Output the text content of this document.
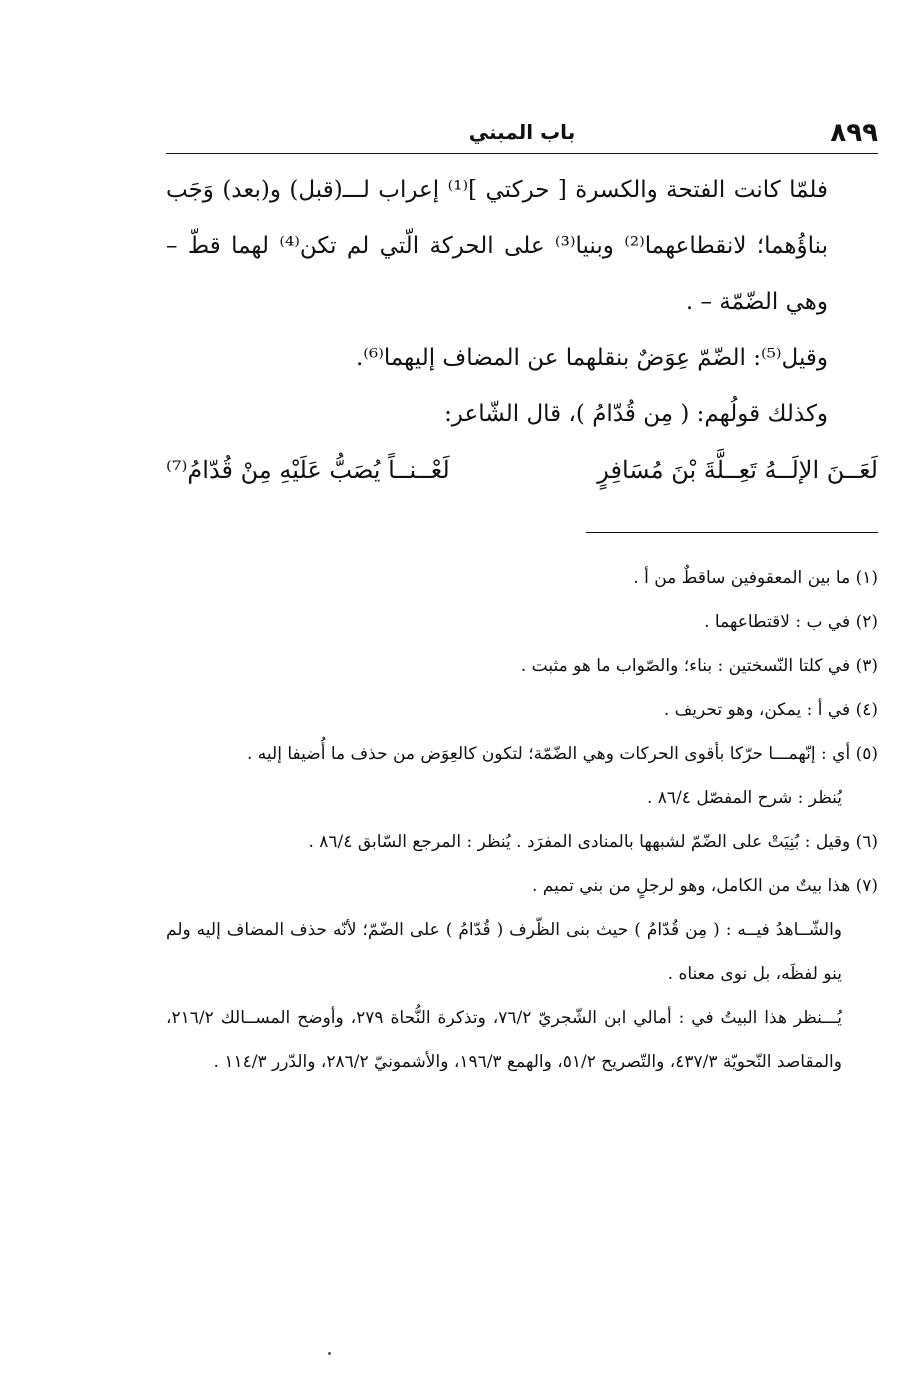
٨٩٩
باب المبني

فلمّا كانت الفتحة والكسرة [ حركتي ]⁽¹⁾ إعراب لـــ(قبل) و(بعد) وَجَب بناؤُهما؛ لانقطاعهما⁽²⁾ وبنيا⁽³⁾ على الحركة الّتي لم تكن⁽⁴⁾ لهما قطّ – وهي الضّمّة – .

وقيل⁽⁵⁾: الضّمّ عِوَضٌ بنقلهما عن المضاف إليهما⁽⁶⁾.

وكذلك قولُهم: ( مِن قُدّامُ )، قال الشّاعر:

لَعَــنَ الإلَــهُ تَعِــلَّةَ بْنَ مُسَافِرٍ
لَعْــنــاً يُصَبُّ عَلَيْهِ مِنْ قُدّامُ⁽⁷⁾

(١) ما بين المعقوفين ساقطٌ من أ .

(٢) في ب : لاقتطاعهما .

(٣) في كلتا النّسختين : بناء؛ والصّواب ما هو مثبت .

(٤) في أ : يمكن، وهو تحريف .

(٥) أي : إنّهمـــا حرّكا بأقوى الحركات وهي الضّمّة؛ لتكون كالعِوَض من حذف ما أُضيفا إليه .

يُنظر : شرح المفصّل ٨٦/٤ .

(٦) وقيل : بُنِيَتْ على الضّمّ لشبهها بالمنادى المفرَد . يُنظر : المرجع السّابق ٨٦/٤ .

(٧) هذا بيتٌ من الكامل، وهو لرجلٍ من بني تميم .

والشّــاهدُ فيــه : ( مِن قُدّامُ ) حيث بنى الظّرف ( قُدّامُ ) على الضّمّ؛ لأنّه حذف المضاف إليه ولم ينو لفظَه، بل نوى معناه .

يُـــنظر هذا البيتُ في : أمالي ابن الشّجريّ ٧٦/٢، وتذكرة النُّحاة ٢٧٩، وأوضح المســالك ٢١٦/٢، والمقاصد النّحويّة ٤٣٧/٣، والتّصريح ٥١/٢، والهمع ١٩٦/٣، والأشمونيّ ٢٨٦/٢، والدّرر ١١٤/٣ .
